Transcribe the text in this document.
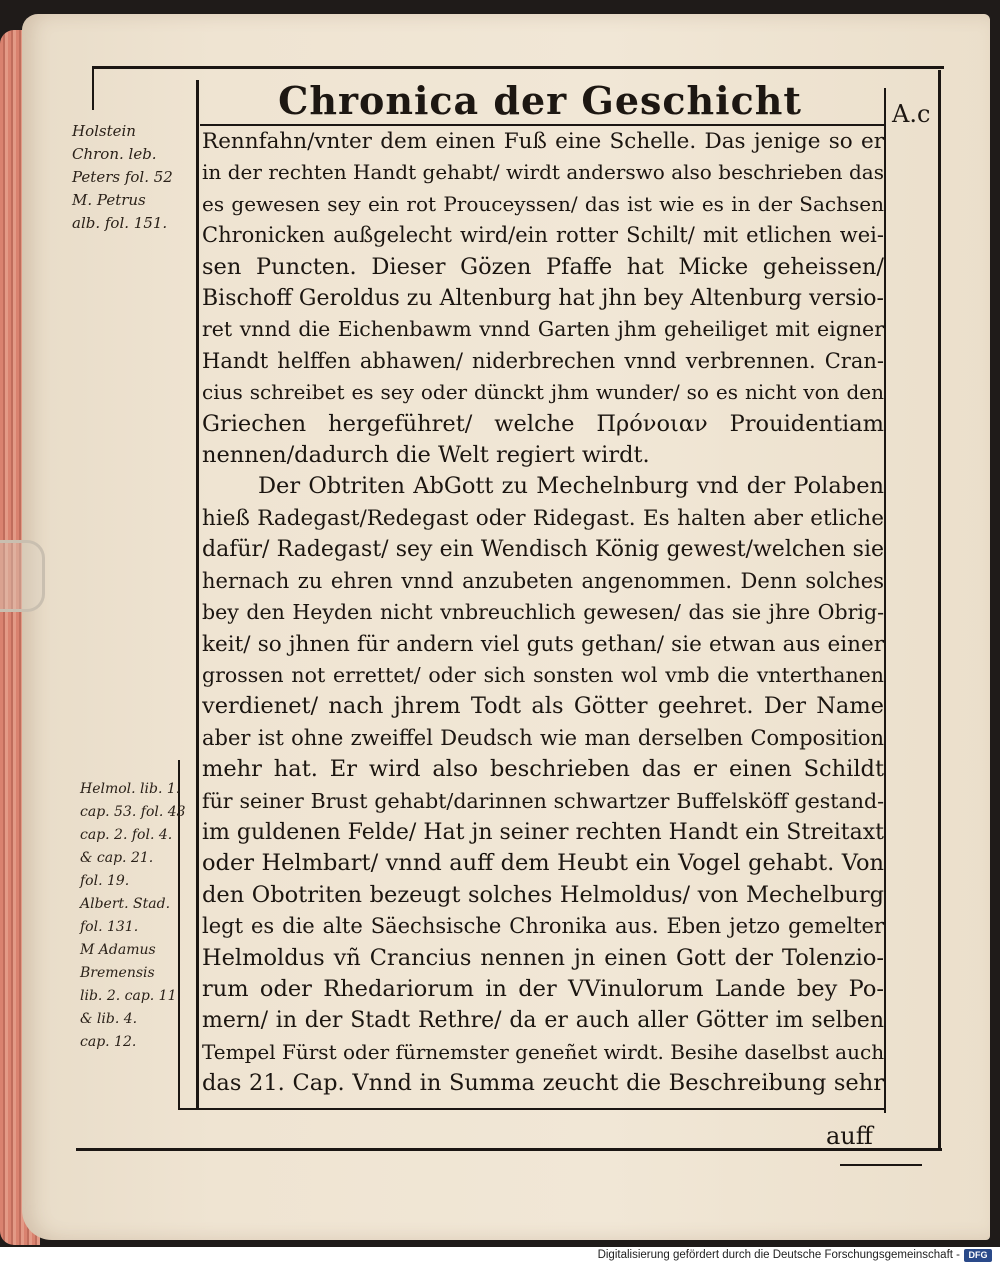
Chronica der Geschicht	A.c
Holstein
Chron. leb.
Peters fol. 52
M. Petrus
alb. fol. 151.
Helmol. lib. 1.
cap. 53. fol. 43
cap. 2. fol. 4.
& cap. 21.
fol. 19.
Albert. Stad.
fol. 131.
M Adamus
Bremensis
lib. 2. cap. 11
& lib. 4.
cap. 12.
Rennfahn/vnter dem einen Fuß eine Schelle. Das jenige so er
in der rechten Handt gehabt/ wirdt anderswo also beschrieben das
es gewesen sey ein rot Prouceyssen/ das ist wie es in der Sachsen
Chronicken außgelecht wird/ein rotter Schilt/ mit etlichen wei-
sen Puncten. Dieser Gözen Pfaffe hat Micke geheissen/
Bischoff Geroldus zu Altenburg hat jhn bey Altenburg versio-
ret vnnd die Eichenbawm vnnd Garten jhm geheiliget mit eigner
Handt helffen abhawen/ niderbrechen vnnd verbrennen. Cran-
cius schreibet es sey oder dünckt jhm wunder/ so es nicht von den
Griechen hergeführet/ welche Πρόνοιαν Prouidentiam
nennen/dadurch die Welt regiert wirdt.
Der Obtriten AbGott zu Mechelnburg vnd der Polaben
hieß Radegast/Redegast oder Ridegast. Es halten aber etliche
dafür/ Radegast/ sey ein Wendisch König gewest/welchen sie
hernach zu ehren vnnd anzubeten angenommen. Denn solches
bey den Heyden nicht vnbreuchlich gewesen/ das sie jhre Obrig-
keit/ so jhnen für andern viel guts gethan/ sie etwan aus einer
grossen not errettet/ oder sich sonsten wol vmb die vnterthanen
verdienet/ nach jhrem Todt als Götter geehret. Der Name
aber ist ohne zweiffel Deudsch wie man derselben Composition
mehr hat. Er wird also beschrieben das er einen Schildt
für seiner Brust gehabt/darinnen schwartzer Buffelsköff gestand-
im guldenen Felde/ Hat jn seiner rechten Handt ein Streitaxt
oder Helmbart/ vnnd auff dem Heubt ein Vogel gehabt. Von
den Obotriten bezeugt solches Helmoldus/ von Mechelburg
legt es die alte Säechsische Chronika aus. Eben jetzo gemelter
Helmoldus vñ Crancius nennen jn einen Gott der Tolenzio-
rum oder Rhedariorum in der VVinulorum Lande bey Po-
mern/ in der Stadt Rethre/ da er auch aller Götter im selben
Tempel Fürst oder fürnemster geneñet wirdt. Besihe daselbst auch
das 21. Cap. Vnnd in Summa zeucht die Beschreibung sehr
auff
Digitalisierung gefördert durch die Deutsche Forschungsgemeinschaft - DFG
